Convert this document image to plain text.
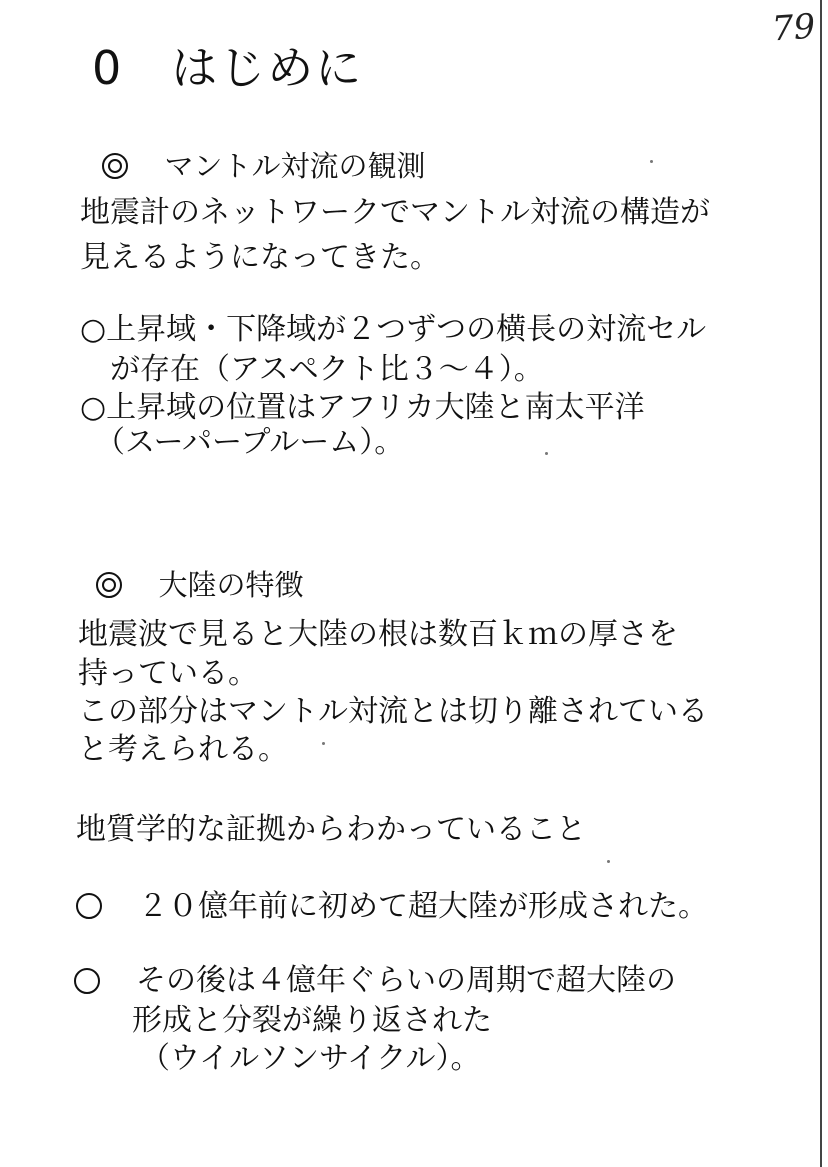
79
0　はじめに

マントル対流の観測

地震計のネットワークでマントル対流の構造が
見えるようになってきた。
○上昇域・下降域が２つずつの横長の対流セル
　が存在（アスペクト比３～４）。
○上昇域の位置はアフリカ大陸と南太平洋
　（スーパープルーム）。

大陸の特徴

地震波で見ると大陸の根は数百ｋｍの厚さを
持っている。
この部分はマントル対流とは切り離されている
と考えられる。
地質学的な証拠からわかっていること
２０億年前に初めて超大陸が形成された。
その後は４億年ぐらいの周期で超大陸の
形成と分裂が繰り返された
（ウイルソンサイクル）。
